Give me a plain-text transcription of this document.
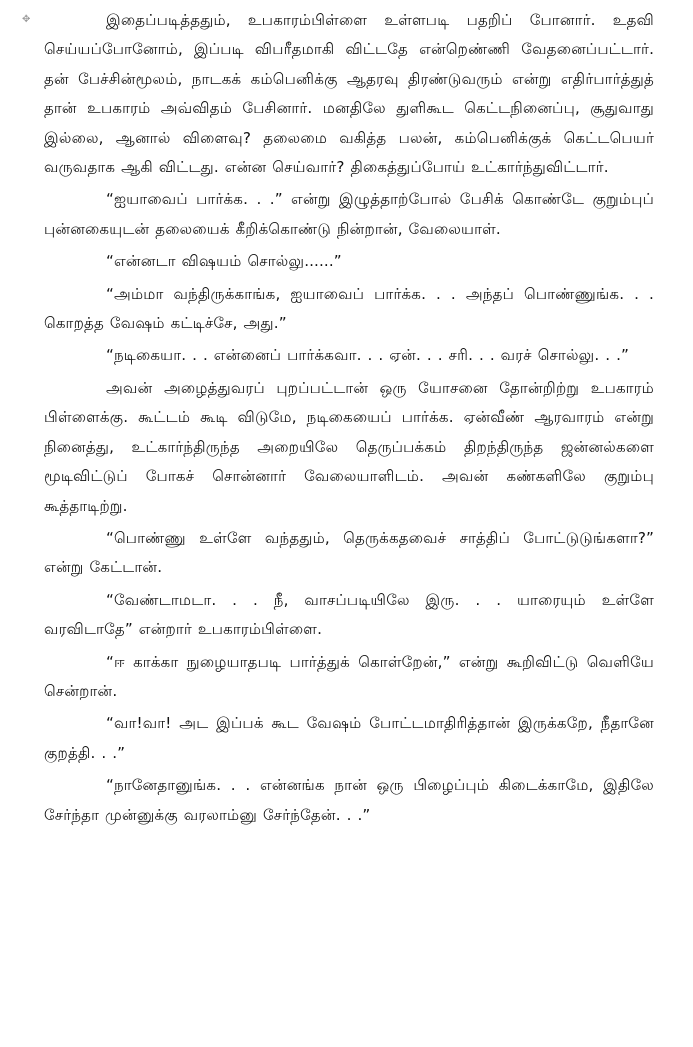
✥	இதைப்படித்ததும், உபகாரம்பிள்ளை உள்ளபடி பதறிப் போனார். உதவி செய்யப்போனோம், இப்படி விபரீதமாகி விட்டதே என்றெண்ணி வேதனைப்பட்டார். தன் பேச்சின்மூலம், நாடகக் கம்பெனிக்கு ஆதரவு திரண்டுவரும் என்று எதிர்பார்த்துத் தான் உபகாரம் அவ்விதம் பேசினார். மனதிலே துளிகூட கெட்டநினைப்பு, சூதுவாது இல்லை, ஆனால் விளைவு? தலைமை வகித்த பலன், கம்பெனிக்குக் கெட்டபெயர் வருவதாக ஆகி விட்டது. என்ன செய்வார்? திகைத்துப்போய் உட்கார்ந்துவிட்டார்.

“ஐயாவைப் பார்க்க. . .” என்று இழுத்தாற்போல் பேசிக் கொண்டே குறும்புப் புன்னகையுடன் தலையைக் கீறிக்கொண்டு நின்றான், வேலையாள்.

“என்னடா விஷயம் சொல்லு......”

“அம்மா வந்திருக்காங்க, ஐயாவைப் பார்க்க. . . அந்தப் பொண்ணுங்க. . . கொறத்த வேஷம் கட்டிச்சே, அது.”

“நடிகையா. . . என்னைப் பார்க்கவா. . . ஏன். . . சரி. . . வரச் சொல்லு. . .”

அவன் அழைத்துவரப் புறப்பட்டான் ஒரு யோசனை தோன்றிற்று உபகாரம் பிள்ளைக்கு. கூட்டம் கூடி விடுமே, நடிகையைப் பார்க்க. ஏன்வீண் ஆரவாரம் என்று நினைத்து, உட்கார்ந்திருந்த அறையிலே தெருப்பக்கம் திறந்திருந்த ஜன்னல்களை மூடிவிட்டுப் போகச் சொன்னார் வேலையாளிடம். அவன் கண்களிலே குறும்பு கூத்தாடிற்று.

“பொண்ணு உள்ளே வந்ததும், தெருக்கதவைச் சாத்திப் போட்டுடுங்களா?” என்று கேட்டான்.

“வேண்டாமடா. . . நீ, வாசப்படியிலே இரு. . . யாரையும் உள்ளே வரவிடாதே” என்றார் உபகாரம்பிள்ளை.

“ஈ காக்கா நுழையாதபடி பார்த்துக் கொள்றேன்,” என்று கூறிவிட்டு வெளியே சென்றான்.

“வா!வா! அட இப்பக் கூட வேஷம் போட்டமாதிரித்தான் இருக்கறே, நீதானே குறத்தி. . .”

“நானேதானுங்க. . . என்னங்க நான் ஒரு பிழைப்பும் கிடைக்காமே, இதிலே சேர்ந்தா முன்னுக்கு வரலாம்னு சேர்ந்தேன். . .”
